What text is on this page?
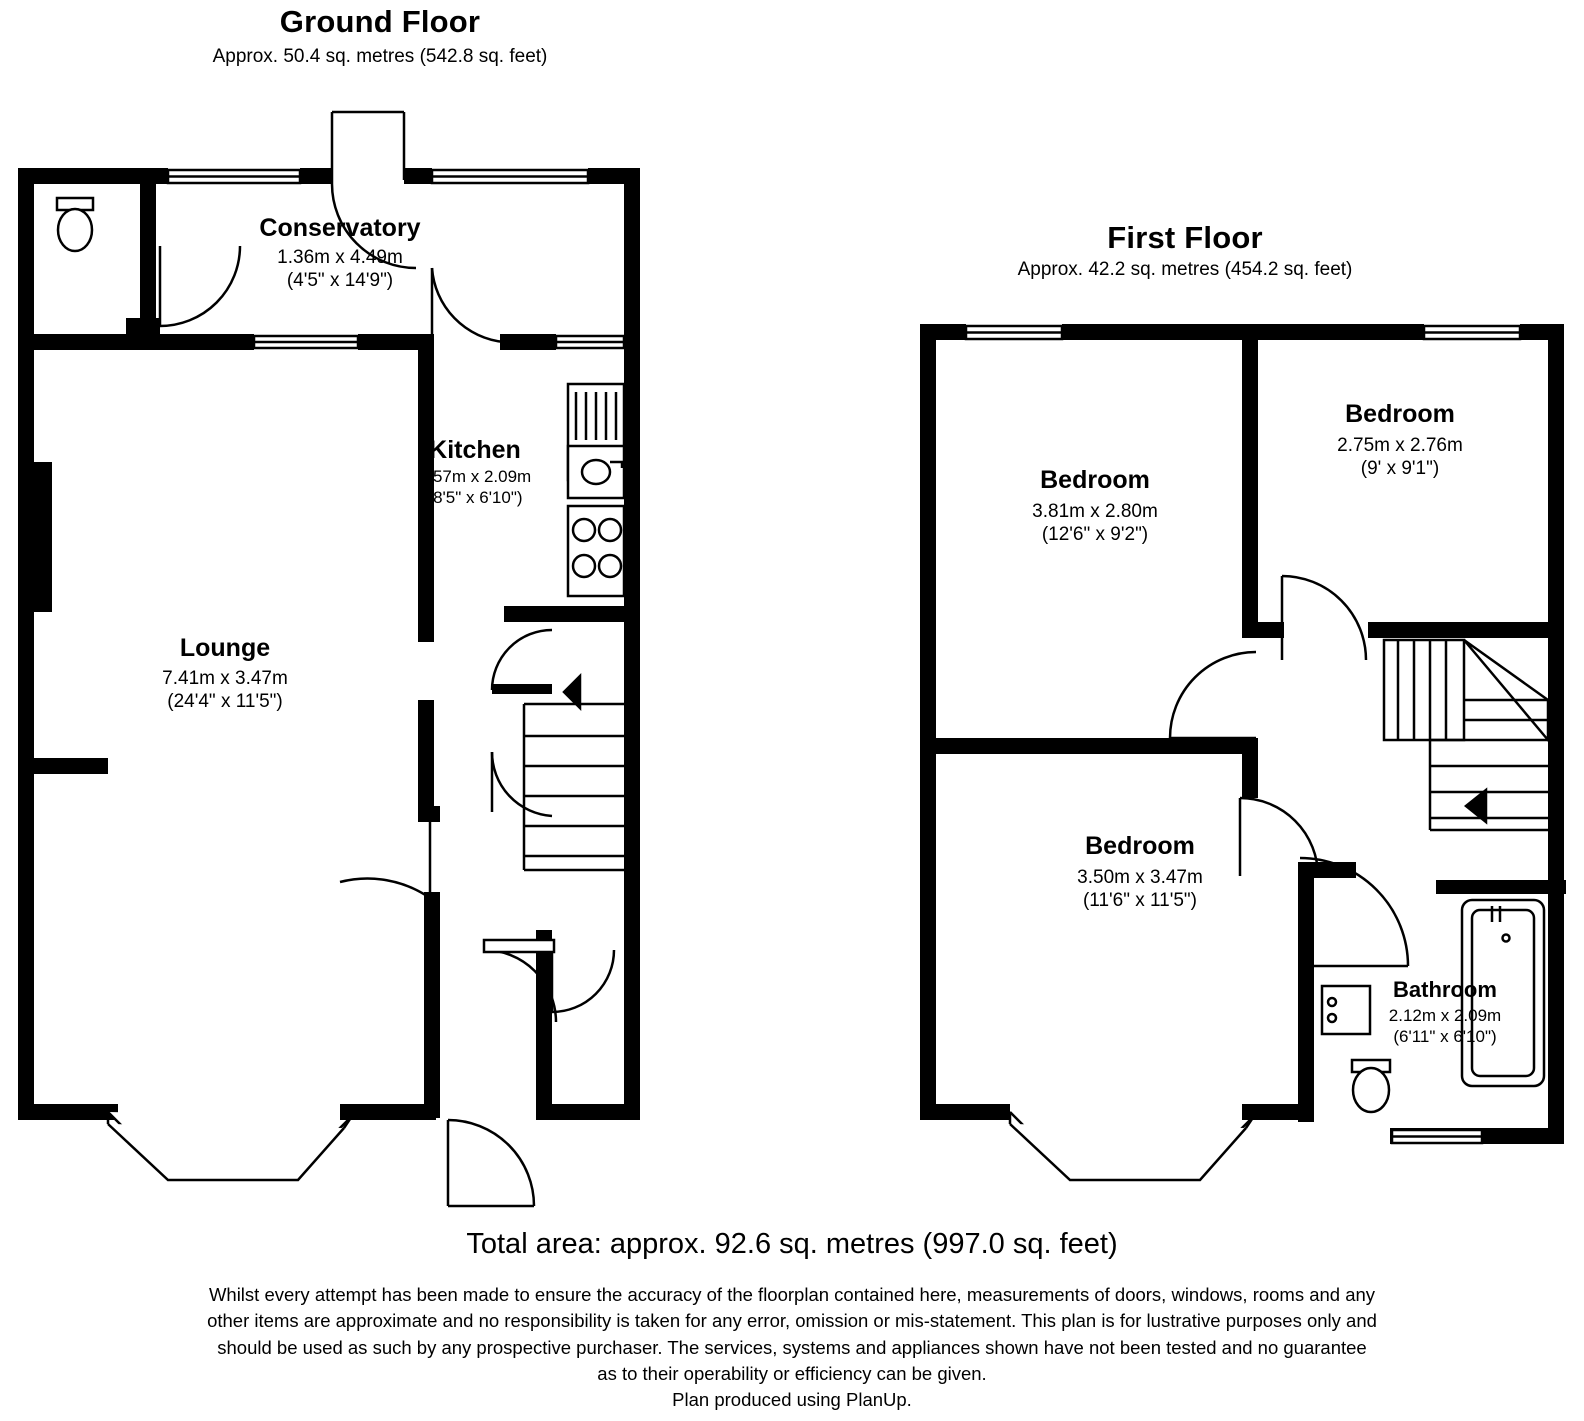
Ground Floor
Approx. 50.4 sq. metres (542.8 sq. feet)
Conservatory
1.36m x 4.49m
(4'5" x 14'9")
Kitchen
2.57m x 2.09m
(8'5" x 6'10")
Lounge
7.41m x 3.47m
(24'4" x 11'5")
First Floor
Approx. 42.2 sq. metres (454.2 sq. feet)
Bedroom
3.81m x 2.80m
(12'6" x 9'2")
Bedroom
2.75m x 2.76m
(9' x 9'1")
Bedroom
3.50m x 3.47m
(11'6" x 11'5")
Bathroom
2.12m x 2.09m
(6'11" x 6'10")
Total area: approx. 92.6 sq. metres (997.0 sq. feet)
Whilst every attempt has been made to ensure the accuracy of the floorplan contained here, measurements of doors, windows, rooms and any
other items are approximate and no responsibility is taken for any error, omission or mis-statement. This plan is for lustrative purposes only and
should be used as such by any prospective purchaser. The services, systems and appliances shown have not been tested and no guarantee
as to their operability or efficiency can be given.
Plan produced using PlanUp.
